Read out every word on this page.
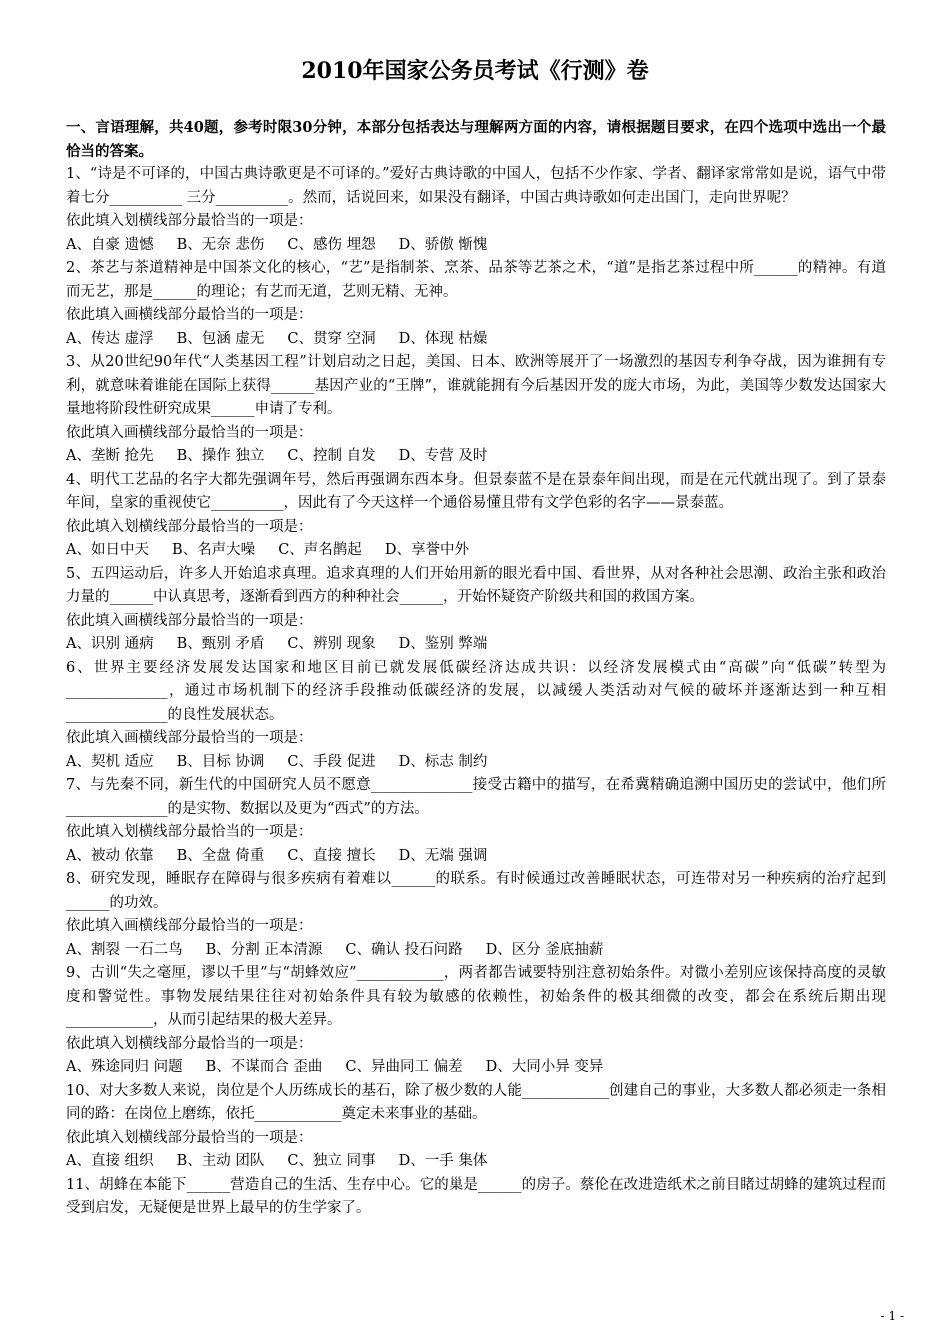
2010年国家公务员考试《行测》卷

一、言语理解，共40题，参考时限30分钟，本部分包括表达与理解两方面的内容，请根据题目要求，在四个选项中选出一个最恰当的答案。

1、“诗是不可译的，中国古典诗歌更是不可译的。”爱好古典诗歌的中国人，包括不少作家、学者、翻译家常常如是说，语气中带着七分__________ 三分__________。然而，话说回来，如果没有翻译，中国古典诗歌如何走出国门，走向世界呢？

依此填入划横线部分最恰当的一项是：

A、自豪 遗憾     B、无奈 悲伤     C、感伤 埋怨     D、骄傲 惭愧

2、茶艺与茶道精神是中国茶文化的核心，“艺”是指制茶、烹茶、品茶等艺茶之术，“道”是指艺茶过程中所______的精神。有道而无艺，那是______的理论；有艺而无道，艺则无精、无神。

依此填入画横线部分最恰当的一项是：

A、传达 虚浮     B、包涵 虚无     C、贯穿 空洞     D、体现 枯燥

3、从20世纪90年代“人类基因工程”计划启动之日起，美国、日本、欧洲等展开了一场激烈的基因专利争夺战，因为谁拥有专利，就意味着谁能在国际上获得______基因产业的“王牌”，谁就能拥有今后基因开发的庞大市场，为此，美国等少数发达国家大量地将阶段性研究成果______申请了专利。

依此填入画横线部分最恰当的一项是：

A、垄断 抢先     B、操作 独立     C、控制 自发     D、专营 及时

4、明代工艺品的名字大都先强调年号，然后再强调东西本身。但景泰蓝不是在景泰年间出现，而是在元代就出现了。到了景泰年间，皇家的重视使它__________，因此有了今天这样一个通俗易懂且带有文学色彩的名字——景泰蓝。

依此填入划横线部分最恰当的一项是：

A、如日中天     B、名声大噪     C、声名鹊起     D、享誉中外

5、五四运动后，许多人开始追求真理。追求真理的人们开始用新的眼光看中国、看世界，从对各种社会思潮、政治主张和政治力量的______中认真思考，逐渐看到西方的种种社会______，开始怀疑资产阶级共和国的救国方案。

依此填入画横线部分最恰当的一项是：

A、识别 通病     B、甄别 矛盾     C、辨别 现象     D、鉴别 弊端

6、世界主要经济发展发达国家和地区目前已就发展低碳经济达成共识：以经济发展模式由“高碳”向“低碳”转型为______________，通过市场机制下的经济手段推动低碳经济的发展，以减缓人类活动对气候的破坏并逐渐达到一种互相______________的良性发展状态。

依此填入画横线部分最恰当的一项是：

A、契机 适应     B、目标 协调     C、手段 促进     D、标志 制约

7、与先秦不同，新生代的中国研究人员不愿意______________接受古籍中的描写，在希冀精确追溯中国历史的尝试中，他们所______________的是实物、数据以及更为“西式”的方法。

依此填入划横线部分最恰当的一项是：

A、被动 依靠     B、全盘 倚重     C、直接 擅长     D、无端 强调

8、研究发现，睡眠存在障碍与很多疾病有着难以______的联系。有时候通过改善睡眠状态，可连带对另一种疾病的治疗起到______的功效。

依此填入画横线部分最恰当的一项是：

A、割裂 一石二鸟     B、分割 正本清源     C、确认 投石问路     D、区分 釜底抽薪

9、古训“失之毫厘，谬以千里”与“胡蜂效应”____________，两者都告诫要特别注意初始条件。对微小差别应该保持高度的灵敏度和警觉性。事物发展结果往往对初始条件具有较为敏感的依赖性，初始条件的极其细微的改变，都会在系统后期出现____________，从而引起结果的极大差异。

依此填入划横线部分最恰当的一项是：

A、殊途同归 问题     B、不谋而合 歪曲     C、异曲同工 偏差     D、大同小异 变异

10、对大多数人来说，岗位是个人历练成长的基石，除了极少数的人能____________创建自己的事业，大多数人都必须走一条相同的路：在岗位上磨练，依托____________奠定未来事业的基础。

依此填入划横线部分最恰当的一项是：

A、直接 组织     B、主动 团队     C、独立 同事     D、一手 集体

11、胡蜂在本能下______营造自己的生活、生存中心。它的巢是______的房子。蔡伦在改进造纸术之前目睹过胡蜂的建筑过程而受到启发，无疑便是世界上最早的仿生学家了。

- 1 -
